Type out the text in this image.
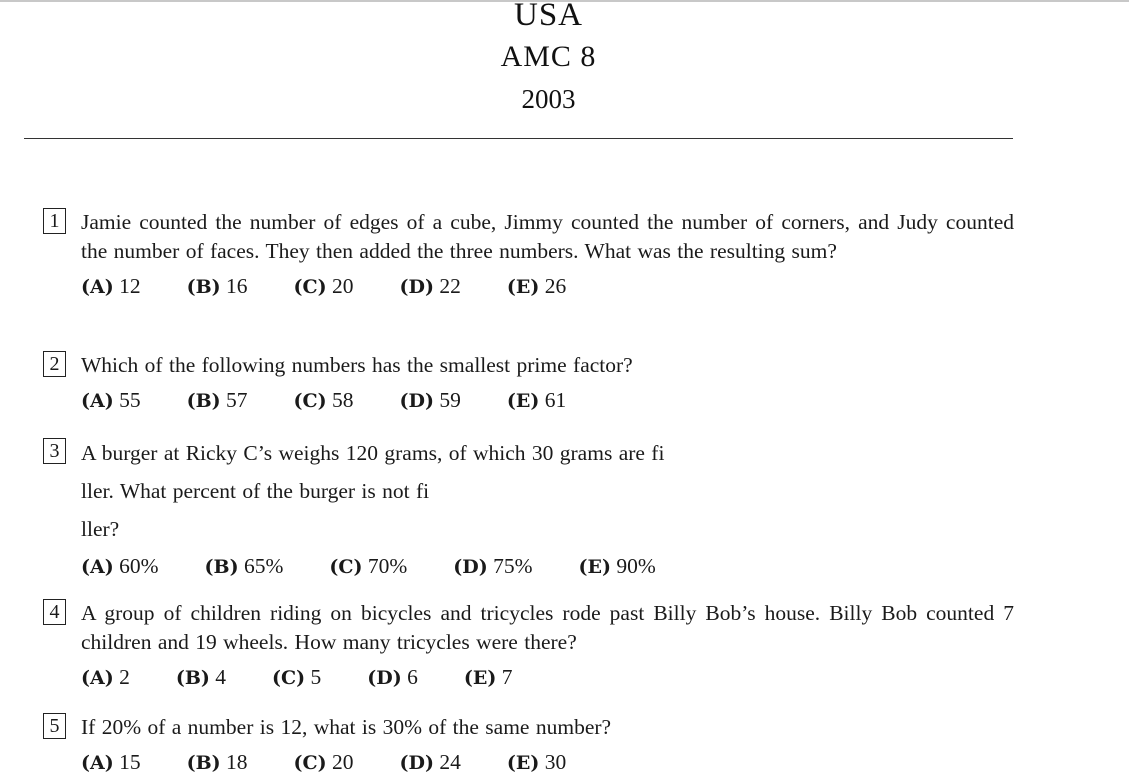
USA
AMC 8
2003
1	Jamie counted the number of edges of a cube, Jimmy counted the number of corners, and Judy counted the number of faces. They then added the three numbers. What was the resulting sum?
(A) 12 (B) 16 (C) 20 (D) 22 (E) 26
2	Which of the following numbers has the smallest prime factor?
(A) 55 (B) 57 (C) 58 (D) 59 (E) 61
3	A burger at Ricky C’s weighs 120 grams, of which 30 grams are fi
ller. What percent of the burger is not fi
ller?
(A) 60% (B) 65% (C) 70% (D) 75% (E) 90%
4	A group of children riding on bicycles and tricycles rode past Billy Bob’s house. Billy Bob counted 7 children and 19 wheels. How many tricycles were there?
(A) 2 (B) 4 (C) 5 (D) 6 (E) 7
5	If 20% of a number is 12, what is 30% of the same number?
(A) 15 (B) 18 (C) 20 (D) 24 (E) 30
